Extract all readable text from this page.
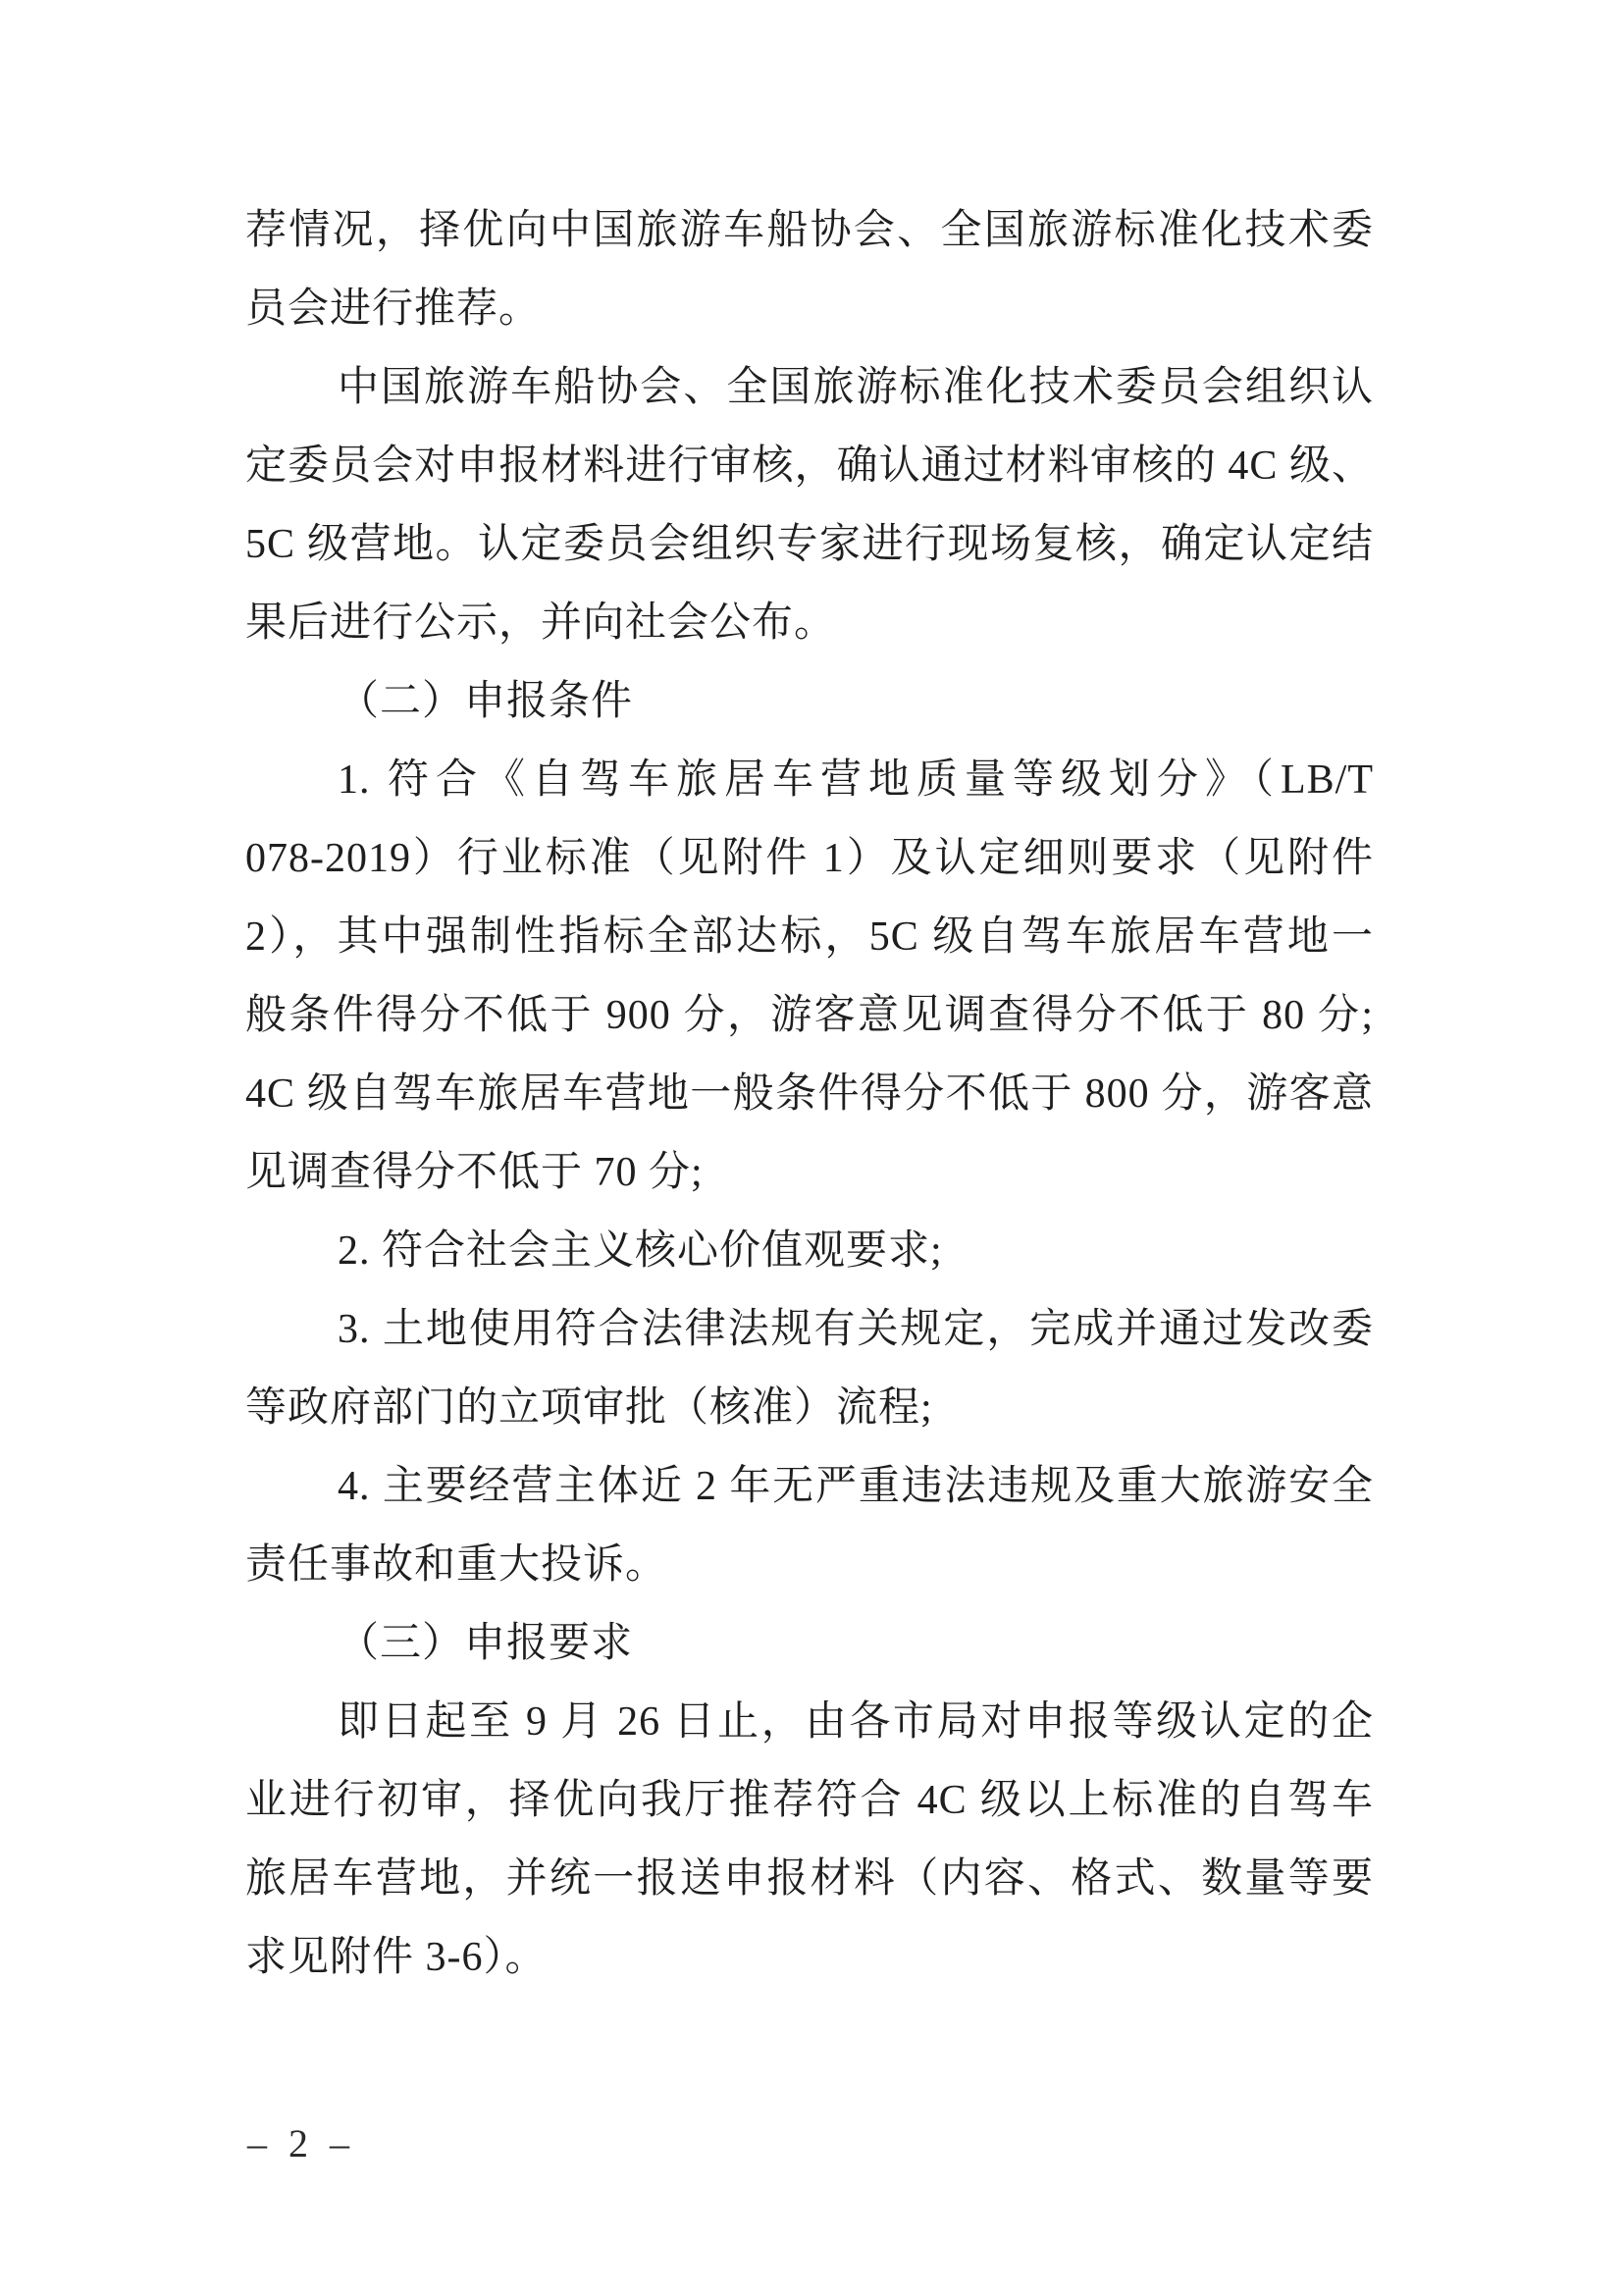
荐情况，择优向中国旅游车船协会、全国旅游标准化技术委
员会进行推荐。
中国旅游车船协会、全国旅游标准化技术委员会组织认
定委员会对申报材料进行审核，确认通过材料审核的 4C 级、
5C 级营地。认定委员会组织专家进行现场复核，确定认定结
果后进行公示，并向社会公布。
（二）申报条件
1. 符合《自驾车旅居车营地质量等级划分》（LB/T
078-2019）行业标准（见附件 1）及认定细则要求（见附件
2），其中强制性指标全部达标，5C 级自驾车旅居车营地一
般条件得分不低于 900 分，游客意见调查得分不低于 80 分;
4C 级自驾车旅居车营地一般条件得分不低于 800 分，游客意
见调查得分不低于 70 分;
2. 符合社会主义核心价值观要求;
3. 土地使用符合法律法规有关规定，完成并通过发改委
等政府部门的立项审批（核准）流程;
4. 主要经营主体近 2 年无严重违法违规及重大旅游安全
责任事故和重大投诉。
（三）申报要求
即日起至 9 月 26 日止，由各市局对申报等级认定的企
业进行初审，择优向我厅推荐符合 4C 级以上标准的自驾车
旅居车营地，并统一报送申报材料（内容、格式、数量等要
求见附件 3-6）。
– 2 –
